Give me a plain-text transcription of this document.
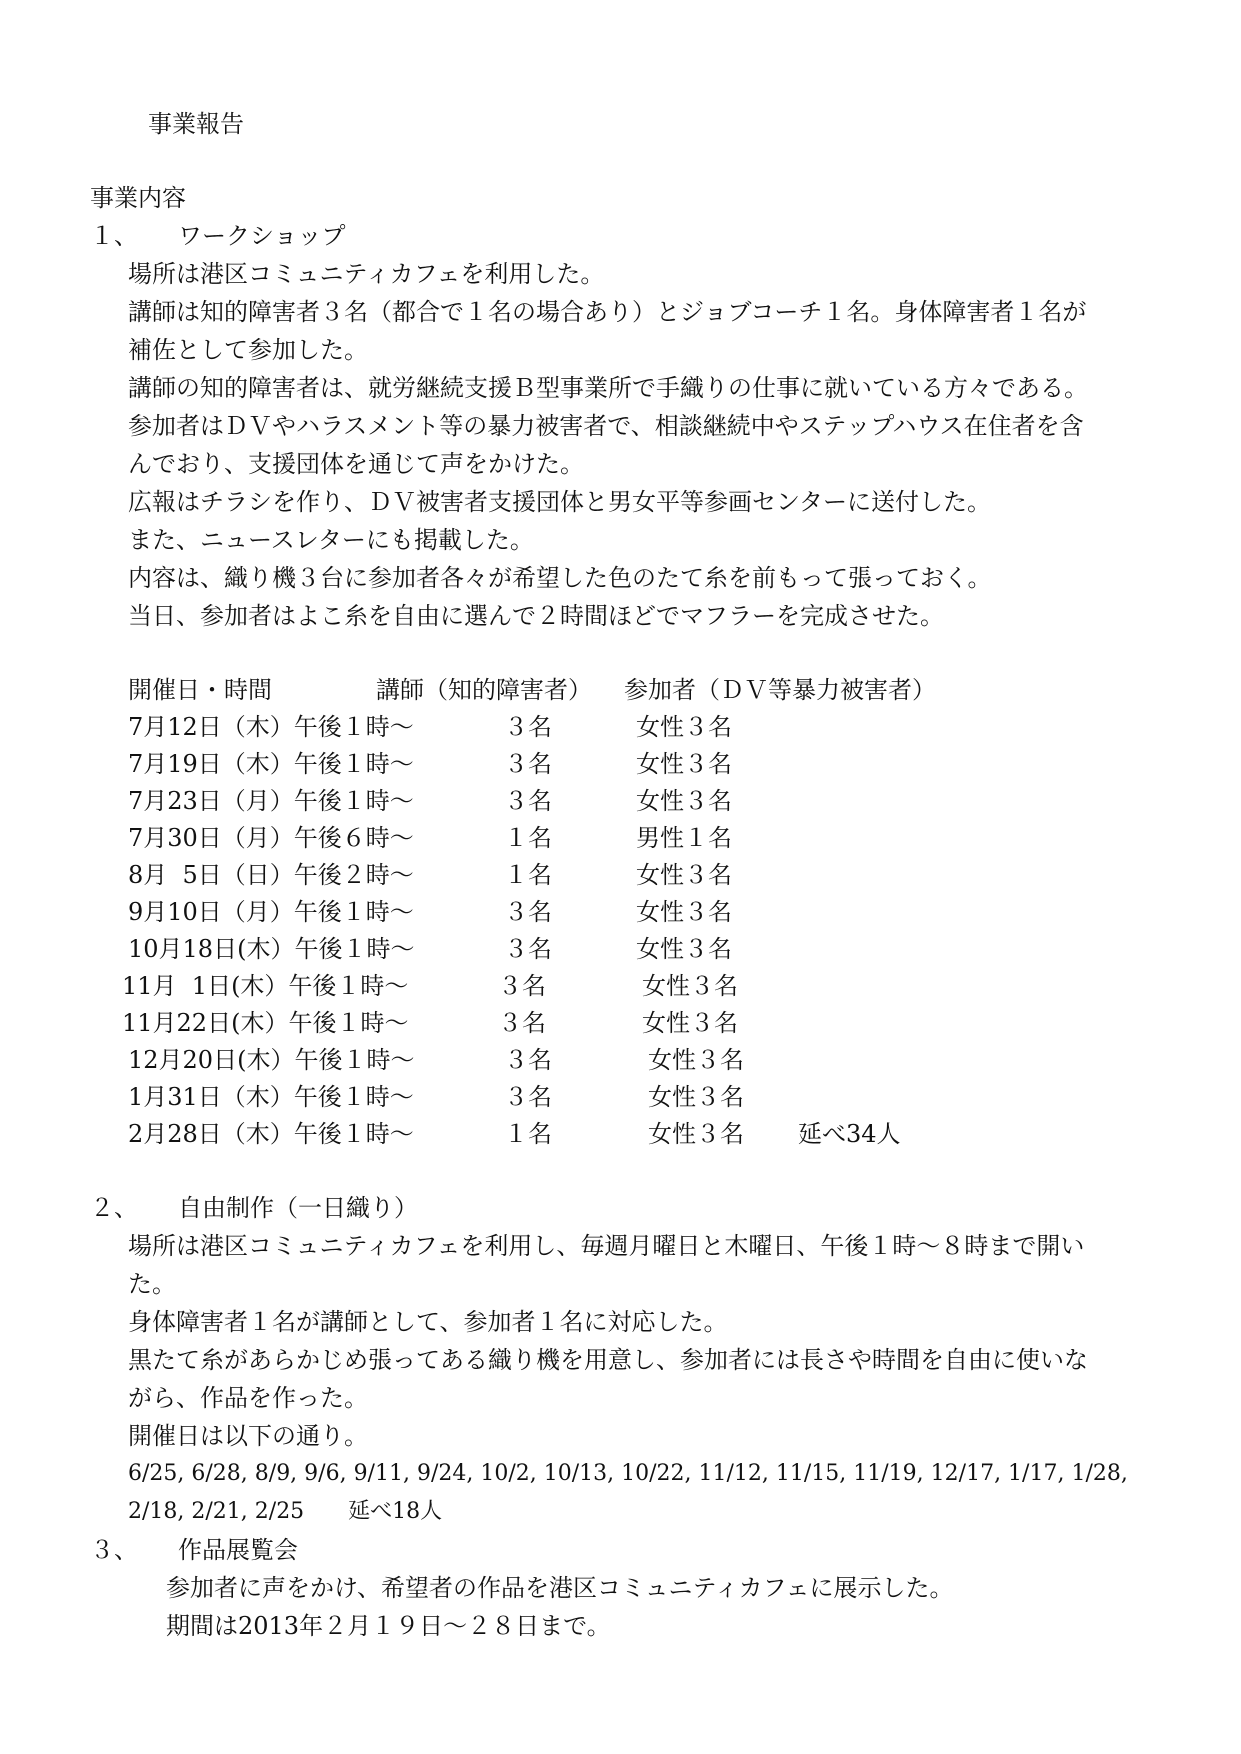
事業報告
事業内容
１、 ワークショップ
場所は港区コミュニティカフェを利用した。
講師は知的障害者３名（都合で１名の場合あり）とジョブコーチ１名。身体障害者１名が
補佐として参加した。
講師の知的障害者は、就労継続支援Ｂ型事業所で手織りの仕事に就いている方々である。
参加者はＤＶやハラスメント等の暴力被害者で、相談継続中やステップハウス在住者を含
んでおり、支援団体を通じて声をかけた。
広報はチラシを作り、ＤＶ被害者支援団体と男女平等参画センターに送付した。
また、ニュースレターにも掲載した。
内容は、織り機３台に参加者各々が希望した色のたて糸を前もって張っておく。
当日、参加者はよこ糸を自由に選んで２時間ほどでマフラーを完成させた。
開催日・時間	講師（知的障害者） 参加者（ＤＶ等暴力被害者）
7月12日（木）午後１時～	３名	女性３名
7月19日（木）午後１時～	３名	女性３名
7月23日（月）午後１時～	３名	女性３名
7月30日（月）午後６時～	１名	男性１名
8月  5日（日）午後２時～	１名	女性３名
9月10日（月）午後１時～	３名	女性３名
10月18日(木）午後１時～	３名	女性３名
11月  1日(木）午後１時～	３名	女性３名
11月22日(木）午後１時～	３名	女性３名
12月20日(木）午後１時～	３名	女性３名
1月31日（木）午後１時～	３名	女性３名
2月28日（木）午後１時～	１名	女性３名 延べ34人
２、 自由制作（一日織り）
場所は港区コミュニティカフェを利用し、毎週月曜日と木曜日、午後１時～８時まで開い
た。
身体障害者１名が講師として、参加者１名に対応した。
黒たて糸があらかじめ張ってある織り機を用意し、参加者には長さや時間を自由に使いな
がら、作品を作った。
開催日は以下の通り。
6/25, 6/28, 8/9, 9/6, 9/11, 9/24, 10/2, 10/13, 10/22, 11/12, 11/15, 11/19, 12/17, 1/17, 1/28,
2/18, 2/21, 2/25　　延べ18人
３、 作品展覧会
参加者に声をかけ、希望者の作品を港区コミュニティカフェに展示した。
期間は2013年２月１９日～２８日まで。
